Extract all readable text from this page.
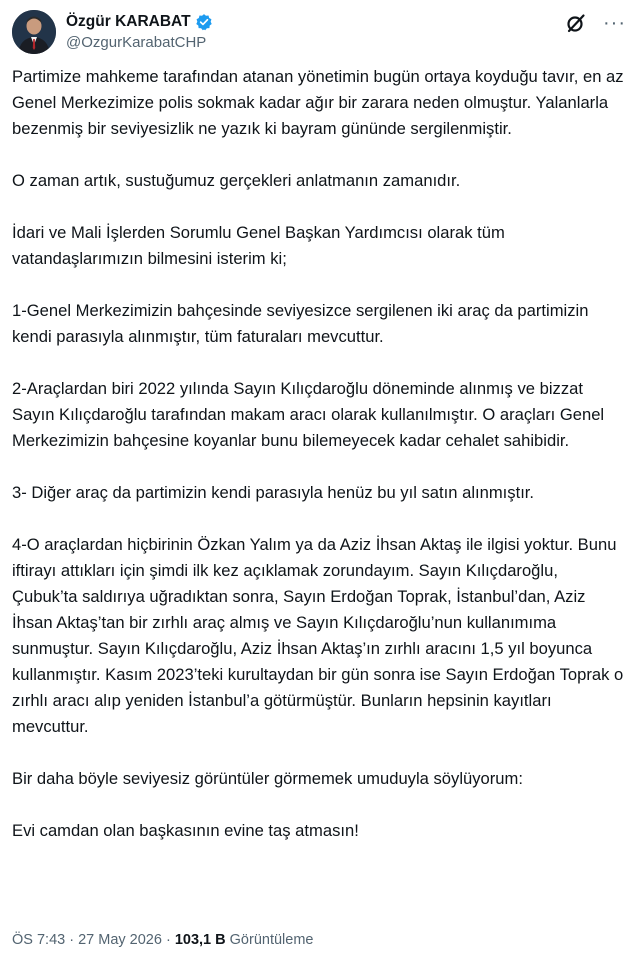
Özgür KARABAT
@OzgurKarabatCHP
···

Partimize mahkeme tarafından atanan yönetimin bugün ortaya koyduğu tavır, en az Genel Merkezimize polis sokmak kadar ağır bir zarara neden olmuştur. Yalanlarla bezenmiş bir seviyesizlik ne yazık ki bayram gününde sergilenmiştir.

O zaman artık, sustuğumuz gerçekleri anlatmanın zamanıdır.

İdari ve Mali İşlerden Sorumlu Genel Başkan Yardımcısı olarak tüm vatandaşlarımızın bilmesini isterim ki;

1-Genel Merkezimizin bahçesinde seviyesizce sergilenen iki araç da partimizin kendi parasıyla alınmıştır, tüm faturaları mevcuttur.

2-Araçlardan biri 2022 yılında Sayın Kılıçdaroğlu döneminde alınmış ve bizzat Sayın Kılıçdaroğlu tarafından makam aracı olarak kullanılmıştır. O araçları Genel Merkezimizin bahçesine koyanlar bunu bilemeyecek kadar cehalet sahibidir.

3- Diğer araç da partimizin kendi parasıyla henüz bu yıl satın alınmıştır.

4-O araçlardan hiçbirinin Özkan Yalım ya da Aziz İhsan Aktaş ile ilgisi yoktur. Bunu iftirayı attıkları için şimdi ilk kez açıklamak zorundayım. Sayın Kılıçdaroğlu, Çubuk’ta saldırıya uğradıktan sonra, Sayın Erdoğan Toprak, İstanbul’dan, Aziz İhsan Aktaş’tan bir zırhlı araç almış ve Sayın Kılıçdaroğlu’nun kullanımıma sunmuştur. Sayın Kılıçdaroğlu, Aziz İhsan Aktaş’ın zırhlı aracını 1,5 yıl boyunca kullanmıştır. Kasım 2023’teki kurultaydan bir gün sonra ise Sayın Erdoğan Toprak o zırhlı aracı alıp yeniden İstanbul’a götürmüştür. Bunların hepsinin kayıtları mevcuttur.

Bir daha böyle seviyesiz görüntüler görmemek umuduyla söylüyorum:

Evi camdan olan başkasının evine taş atmasın!

ÖS 7:43 · 27 May 2026 · 103,1 B Görüntüleme
